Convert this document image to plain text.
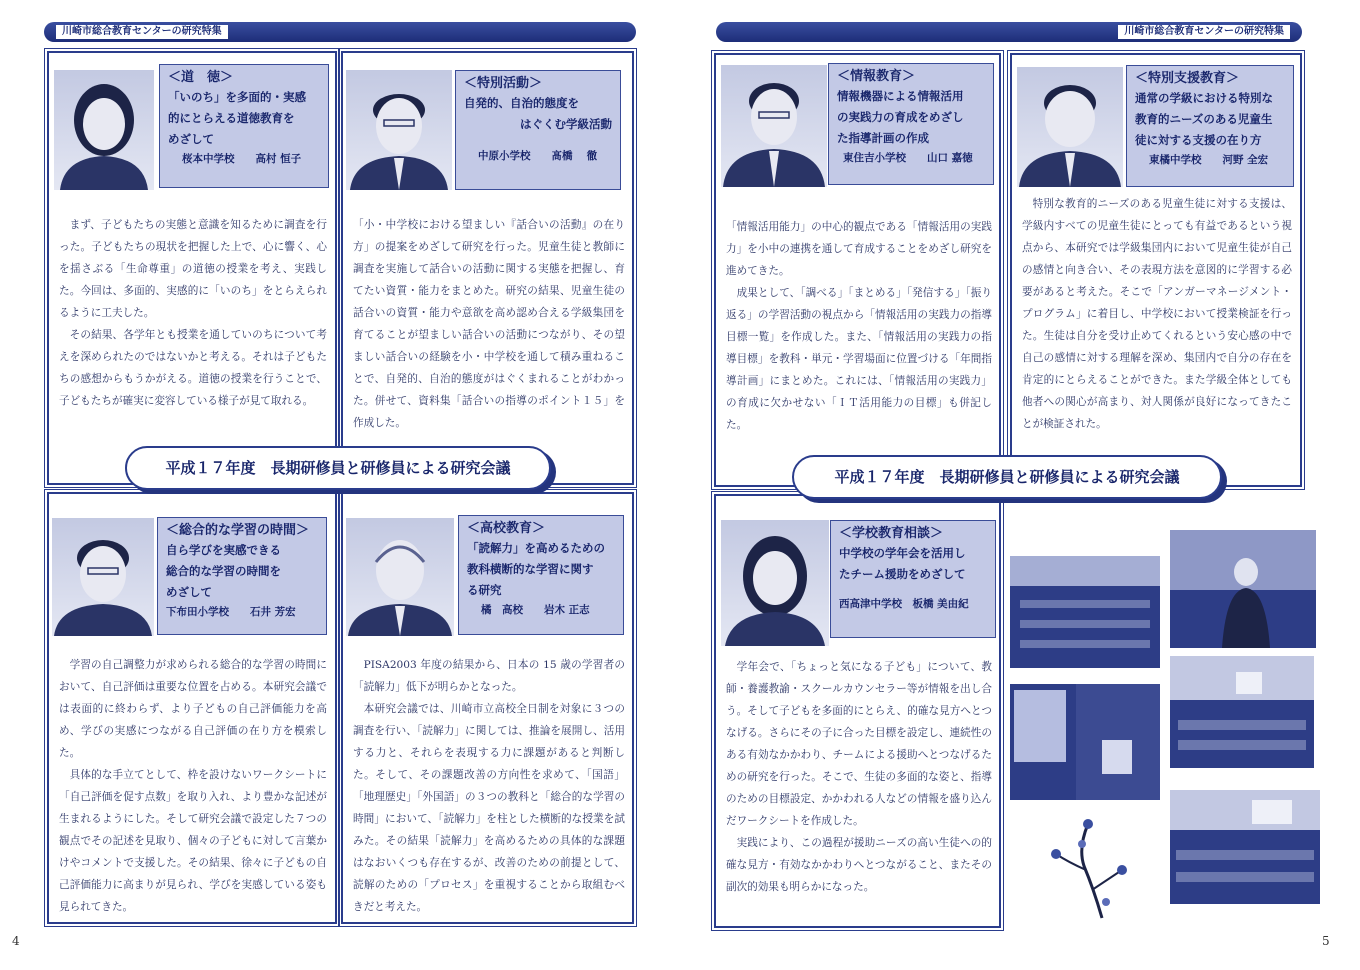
川崎市総合教育センターの研究特集
＜道　徳＞
「いのち」を多面的・実感
的にとらえる道徳教育を
めざして
桜本中学校　　高村 恒子

まず、子どもたちの実態と意識を知るために調査を行った。子どもたちの現状を把握した上で、心に響く、心を揺さぶる「生命尊重」の道徳の授業を考え、実践した。今回は、多面的、実感的に「いのち」をとらえられるように工夫した。

その結果、各学年とも授業を通していのちについて考えを深められたのではないかと考える。それは子どもたちの感想からもうかがえる。道徳の授業を行うことで、子どもたちが確実に変容している様子が見て取れる。

＜特別活動＞
自発的、自治的態度を
はぐくむ学級活動
中原小学校　　髙橋　 徹

「小・中学校における望ましい『話合いの活動』の在り方」の提案をめざして研究を行った。児童生徒と教師に調査を実施して話合いの活動に関する実態を把握し、育てたい資質・能力をまとめた。研究の結果、児童生徒の話合いの資質・能力や意欲を高め認め合える学級集団を育てることが望ましい話合いの活動につながり、その望ましい話合いの経験を小・中学校を通して積み重ねることで、自発的、自治的態度がはぐくまれることがわかった。併せて、資料集「話合いの指導のポイント１５」を作成した。

＜総合的な学習の時間＞
自ら学びを実感できる
総合的な学習の時間を
めざして
下布田小学校　　石井 芳宏

学習の自己調整力が求められる総合的な学習の時間において、自己評価は重要な位置を占める。本研究会議では表面的に終わらず、より子どもの自己評価能力を高め、学びの実感につながる自己評価の在り方を模索した。

具体的な手立てとして、枠を設けないワークシートに「自己評価を促す点数」を取り入れ、より豊かな記述が生まれるようにした。そして研究会議で設定した７つの観点でその記述を見取り、個々の子どもに対して言葉かけやコメントで支援した。その結果、徐々に子どもの自己評価能力に高まりが見られ、学びを実感している姿も見られてきた。

＜高校教育＞
「読解力」を高めるための
教科横断的な学習に関す
る研究
橘　高校　　岩木 正志

PISA2003 年度の結果から、日本の 15 歳の学習者の「読解力」低下が明らかとなった。

本研究会議では、川崎市立高校全日制を対象に３つの調査を行い、「読解力」に関しては、推論を展開し、活用する力と、それらを表現する力に課題があると判断した。そして、その課題改善の方向性を求めて、「国語」「地理歴史」「外国語」の３つの教科と「総合的な学習の時間」において、「読解力」を柱とした横断的な授業を試みた。その結果「読解力」を高めるための具体的な課題はなおいくつも存在するが、改善のための前提として、読解のための「プロセス」を重視することから取組むべきだと考えた。

平成１７年度　長期研修員と研修員による研究会議
4
川崎市総合教育センターの研究特集
＜情報教育＞
情報機器による情報活用
の実践力の育成をめざし
た指導計画の作成
東住吉小学校　　山口 嘉徳

「情報活用能力」の中心的観点である「情報活用の実践力」を小中の連携を通して育成することをめざし研究を進めてきた。

成果として、「調べる」「まとめる」「発信する」「振り返る」の学習活動の視点から「情報活用の実践力の指導目標一覧」を作成した。また、「情報活用の実践力の指導目標」を教科・単元・学習場面に位置づける「年間指導計画」にまとめた。これには、「情報活用の実践力」の育成に欠かせない「ＩＴ活用能力の目標」も併記した。

＜特別支援教育＞
通常の学級における特別な
教育的ニーズのある児童生
徒に対する支援の在り方
東橘中学校　　河野 全宏

特別な教育的ニーズのある児童生徒に対する支援は、学級内すべての児童生徒にとっても有益であるという視点から、本研究では学級集団内において児童生徒が自己の感情と向き合い、その表現方法を意図的に学習する必要があると考えた。そこで「アンガーマネージメント・プログラム」に着目し、中学校において授業検証を行った。生徒は自分を受け止めてくれるという安心感の中で自己の感情に対する理解を深め、集団内で自分の存在を肯定的にとらえることができた。また学級全体としても他者への関心が高まり、対人関係が良好になってきたことが検証された。

＜学校教育相談＞
中学校の学年会を活用し
たチーム援助をめざして
西高津中学校　板橋 美由紀

学年会で、「ちょっと気になる子ども」について、教師・養護教諭・スクールカウンセラー等が情報を出し合う。そして子どもを多面的にとらえ、的確な見方へとつなげる。さらにその子に合った目標を設定し、連続性のある有効なかかわり、チームによる援助へとつなげるための研究を行った。そこで、生徒の多面的な姿と、指導のための目標設定、かかわれる人などの情報を盛り込んだワークシートを作成した。

実践により、この過程が援助ニーズの高い生徒への的確な見方・有効なかかわりへとつながること、またその副次的効果も明らかになった。

平成１７年度　長期研修員と研修員による研究会議
5
